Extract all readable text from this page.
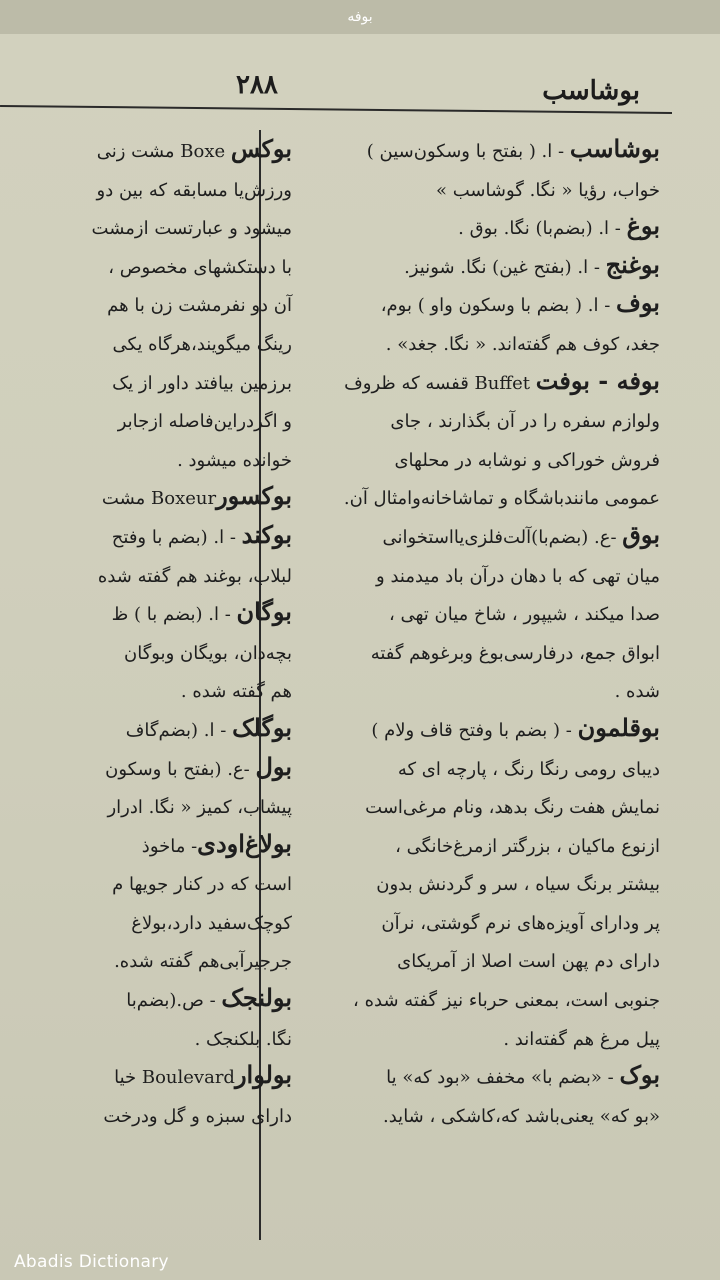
بوفه
بوشاسب
۲۸۸
بوشاسب - ا. ( بفتح با وسکون‌سین )
خواب، رؤیا « نگا. گوشاسب »
بوغ - ا. (بضم‌با) نگا. بوق .
بوغنج - ا. (بفتح غین) نگا. شونیز.
بوف - ا. ( بضم با وسکون واو ) بوم،
جغد، کوف هم گفته‌اند. « نگا. جغد» .
بوفه - بوفت Buffet قفسه که ظروف
ولوازم سفره را در آن بگذارند ، جای
فروش خوراکی و نوشابه در محلهای
عمومی مانندباشگاه و تماشاخانه‌وامثال آن.
بوق -ع. (بضم‌با)آلت‌فلزی‌یااستخوانی
میان تهی که با دهان درآن باد میدمند و
صدا میکند ، شیپور ، شاخ میان تهی ،
ابواق جمع، درفارسی‌بوغ وبرغوهم گفته
شده .
بوقلمون - ( بضم با وفتح قاف ولام )
دیبای رومی رنگا رنگ ، پارچه ای که
نمایش هفت رنگ بدهد، ونام مرغی‌است
ازنوع ماکیان ، بزرگتر ازمرغ‌خانگی ،
بیشتر برنگ سیاه ، سر و گردنش بدون
پر ودارای آویزه‌های نرم گوشتی، نرآن
دارای دم پهن است اصلا از آمریکای
جنوبی است، بمعنی حرباء نیز گفته شده ،
پیل مرغ هم گفته‌اند .
بوک - «بضم با» مخفف «بود که» یا
«بو که» یعنی‌باشد که،کاشکی ، شاید.
بوکس Boxe مشت زنی
ورزش‌یا مسابقه که بین دو
میشود و عبارتست ازمشت
با دستکشهای مخصوص ،
آن دو نفرمشت زن با هم
رینگ میگویند،هرگاه یکی
برزمین بیافتد داور از یک
و اگردراین‌فاصله ازجابر
خوانده میشود .
بوکسورBoxeur مشت
بوکند - ا. (بضم با وفتح
لبلاب، بوغند هم گفته شده
بوگان - ا. (بضم با ) ظ
بچه‌دان، بویگان وبوگان
هم گفته شده .
بوگلک - ا. (بضم‌گاف
بول -ع. (بفتح با وسکون
پیشاب، کمیز « نگا. ادرار
بولاغ‌اودی- ماخوذ
است که در کنار جویها م
کوچک‌سفید دارد،بولاغ
جرجیرآبی‌هم گفته شده.
بولنجک - ص.(بضم‌با
نگا. بلکنجک .
بولوارBoulevard خیا
دارای سبزه و گل ودرخت
Abadis Dictionary
